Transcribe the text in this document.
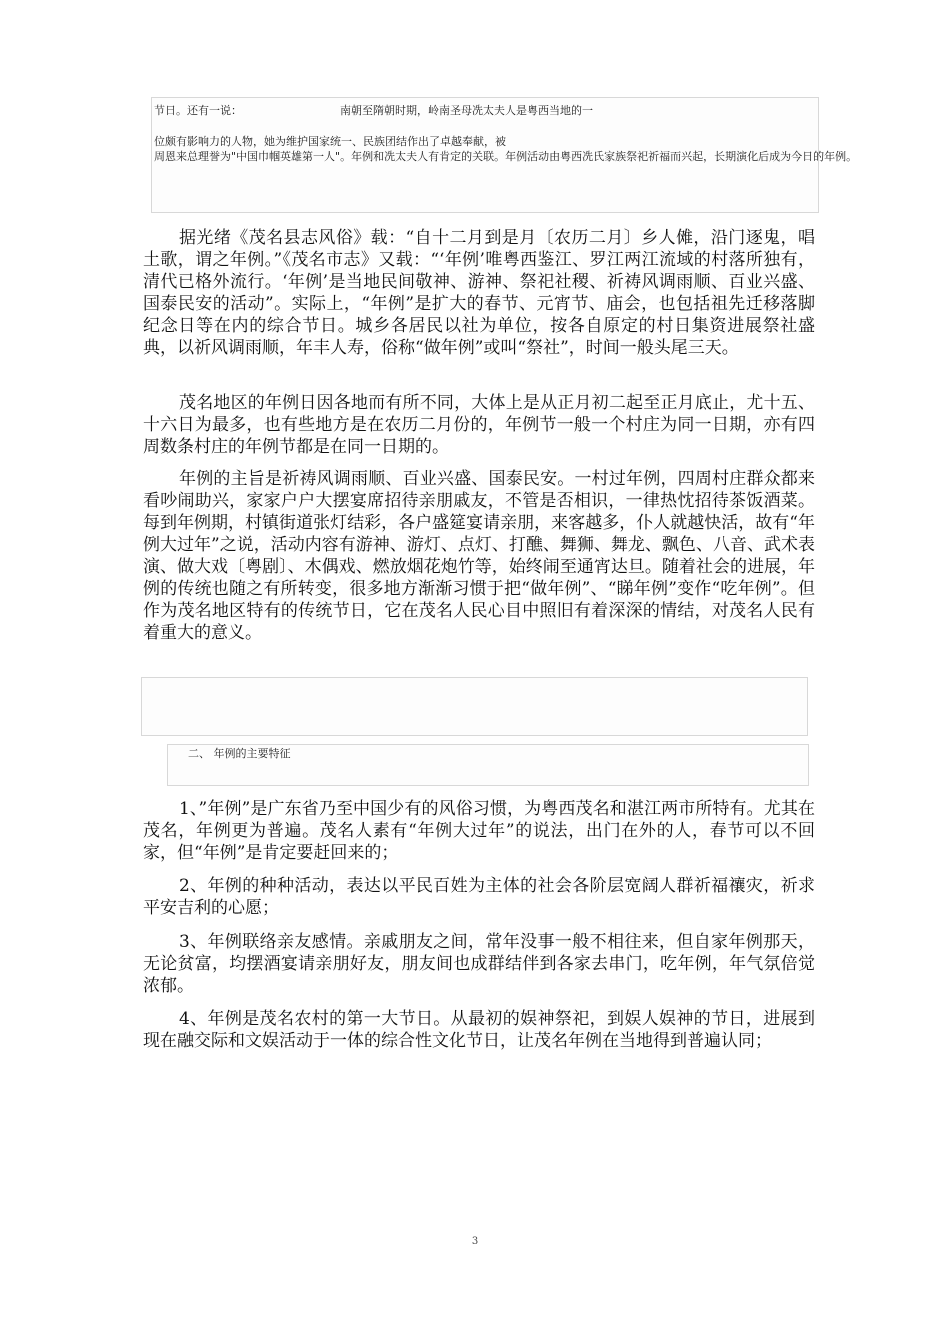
节日。还有一说：	南朝至隋朝时期，岭南圣母冼太夫人是粤西当地的一
位颇有影响力的人物，她为维护国家统一、民族团结作出了卓越奉献，被
周恩来总理誉为"中国巾帼英雄第一人"。年例和冼太夫人有肯定的关联。年例活动由粤西冼氏家族祭祀祈福而兴起，长期演化后成为今日的年例。
据光绪《茂名县志风俗》载：“自十二月到是月〔农历二月〕乡人傩，沿门逐鬼，唱土歌，谓之年例。”《茂名市志》又载：“‘年例’唯粤西鉴江、罗江两江流域的村落所独有，清代已格外流行。‘年例’是当地民间敬神、游神、祭祀社稷、祈祷风调雨顺、百业兴盛、国泰民安的活动”。实际上，“年例”是扩大的春节、元宵节、庙会，也包括祖先迁移落脚纪念日等在内的综合节日。城乡各居民以社为单位，按各自原定的村日集资进展祭社盛典，以祈风调雨顺，年丰人寿，俗称“做年例”或叫“祭社”，时间一般头尾三天。
茂名地区的年例日因各地而有所不同，大体上是从正月初二起至正月底止，尤十五、十六日为最多，也有些地方是在农历二月份的，年例节一般一个村庄为同一日期，亦有四周数条村庄的年例节都是在同一日期的。
年例的主旨是祈祷风调雨顺、百业兴盛、国泰民安。一村过年例，四周村庄群众都来看吵闹助兴，家家户户大摆宴席招待亲朋戚友，不管是否相识，一律热忱招待茶饭酒菜。每到年例期，村镇街道张灯结彩，各户盛筵宴请亲朋，来客越多，仆人就越快活，故有“年例大过年”之说，活动内容有游神、游灯、点灯、打醮、舞狮、舞龙、飘色、八音、武术表演、做大戏〔粤剧〕、木偶戏、燃放烟花炮竹等，始终闹至通宵达旦。随着社会的进展，年例的传统也随之有所转变，很多地方渐渐习惯于把“做年例”、“睇年例”变作“吃年例”。但作为茂名地区特有的传统节日，它在茂名人民心目中照旧有着深深的情结，对茂名人民有着重大的意义。
二、 年例的主要特征
1、”年例”是广东省乃至中国少有的风俗习惯，为粤西茂名和湛江两市所特有。尤其在茂名，年例更为普遍。茂名人素有“年例大过年”的说法，出门在外的人，春节可以不回家，但“年例”是肯定要赶回来的；
2、年例的种种活动，表达以平民百姓为主体的社会各阶层宽阔人群祈福禳灾，祈求平安吉利的心愿；
3、年例联络亲友感情。亲戚朋友之间，常年没事一般不相往来，但自家年例那天，无论贫富，均摆酒宴请亲朋好友，朋友间也成群结伴到各家去串门，吃年例，年气氛倍觉浓郁。
4、年例是茂名农村的第一大节日。从最初的娱神祭祀，到娱人娱神的节日，进展到现在融交际和文娱活动于一体的综合性文化节日，让茂名年例在当地得到普遍认同；
3
